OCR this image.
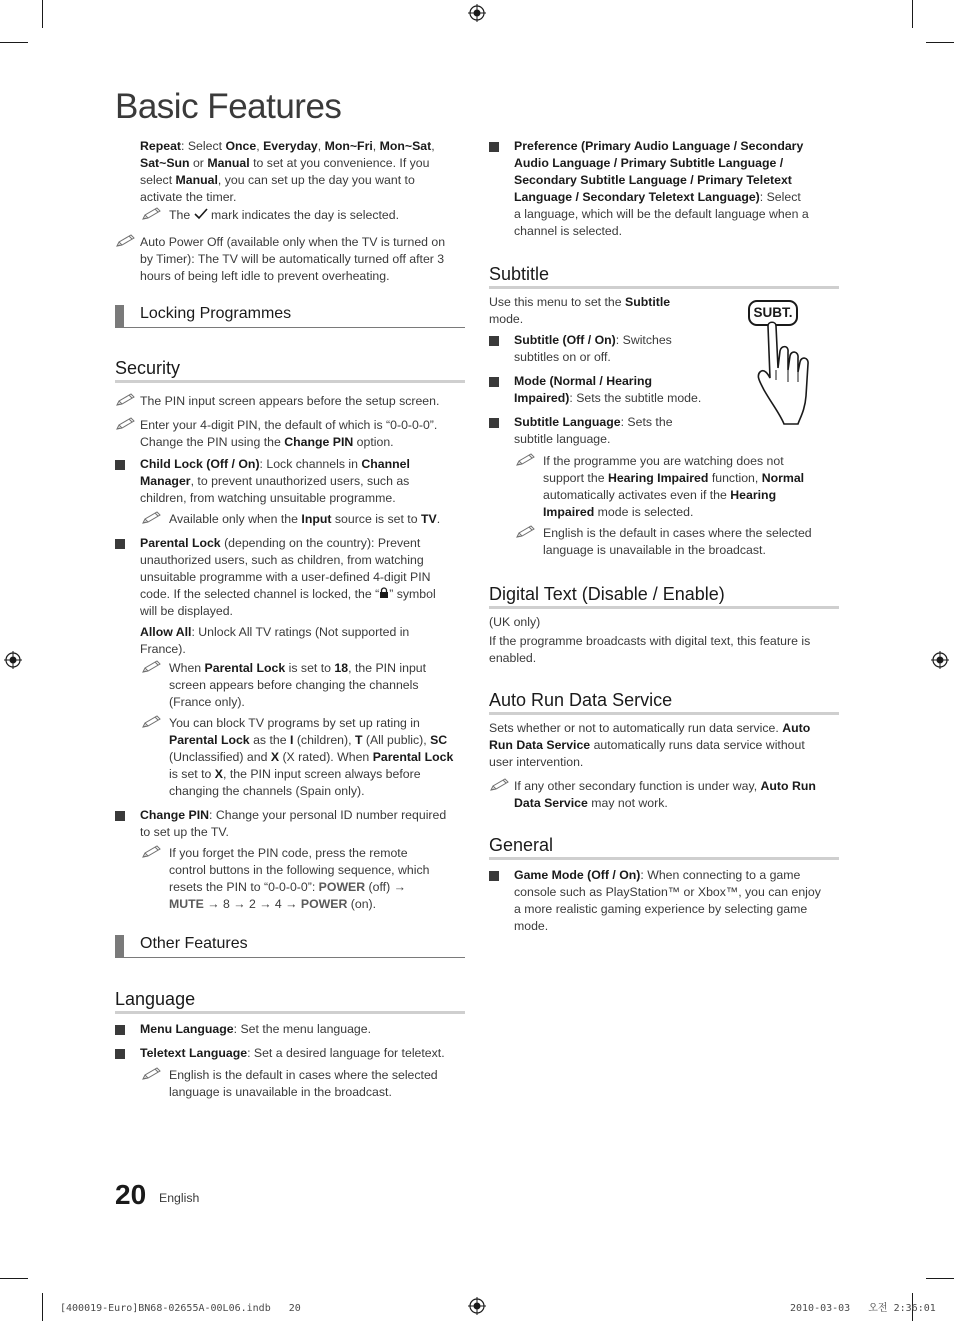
Basic Features
Repeat: Select Once, Everyday, Mon~Fri, Mon~Sat,
Sat~Sun or Manual to set at you convenience. If you
select Manual, you can set up the day you want to
activate the timer.
The  mark indicates the day is selected.
Auto Power Off (available only when the TV is turned on
by Timer): The TV will be automatically turned off after 3
hours of being left idle to prevent overheating.
Locking Programmes
Security
The PIN input screen appears before the setup screen.
Enter your 4-digit PIN, the default of which is “0-0-0-0”.
Change the PIN using the Change PIN option.
Child Lock (Off / On): Lock channels in Channel
Manager, to prevent unauthorized users, such as
children, from watching unsuitable programme.
Available only when the Input source is set to TV.
Parental Lock (depending on the country): Prevent
unauthorized users, such as children, from watching
unsuitable programme with a user-defined 4-digit PIN
code. If the selected channel is locked, the “ ” symbol
will be displayed.
Allow All: Unlock All TV ratings (Not supported in
France).
When Parental Lock is set to 18, the PIN input
screen appears before changing the channels
(France only).
You can block TV programs by set up rating in
Parental Lock as the I (children), T (All public), SC
(Unclassified) and X (X rated). When Parental Lock
is set to X, the PIN input screen always before
changing the channels (Spain only).
Change PIN: Change your personal ID number required
to set up the TV.
If you forget the PIN code, press the remote
control buttons in the following sequence, which
resets the PIN to “0-0-0-0”: POWER (off) →
MUTE → 8 → 2 → 4 → POWER (on).
Other Features
Language
Menu Language: Set the menu language.
Teletext Language: Set a desired language for teletext.
English is the default in cases where the selected
language is unavailable in the broadcast.
Preference (Primary Audio Language / Secondary
Audio Language / Primary Subtitle Language /
Secondary Subtitle Language / Primary Teletext
Language / Secondary Teletext Language): Select
a language, which will be the default language when a
channel is selected.
Subtitle
Use this menu to set the Subtitle
mode.	SUBT.
Subtitle (Off / On): Switches
subtitles on or off.
Mode (Normal / Hearing
Impaired): Sets the subtitle mode.
Subtitle Language: Sets the
subtitle language.
If the programme you are watching does not
support the Hearing Impaired function, Normal
automatically activates even if the Hearing
Impaired mode is selected.
English is the default in cases where the selected
language is unavailable in the broadcast.
Digital Text (Disable / Enable)
(UK only)
If the programme broadcasts with digital text, this feature is
enabled.
Auto Run Data Service
Sets whether or not to automatically run data service. Auto
Run Data Service automatically runs data service without
user intervention.
If any other secondary function is under way, Auto Run
Data Service may not work.
General
Game Mode (Off / On): When connecting to a game
console such as PlayStation™ or Xbox™, you can enjoy
a more realistic gaming experience by selecting game
mode.
20 English
[400019-Euro]BN68-02655A-00L06.indb   20	2010-03-03   오전 2:36:01
